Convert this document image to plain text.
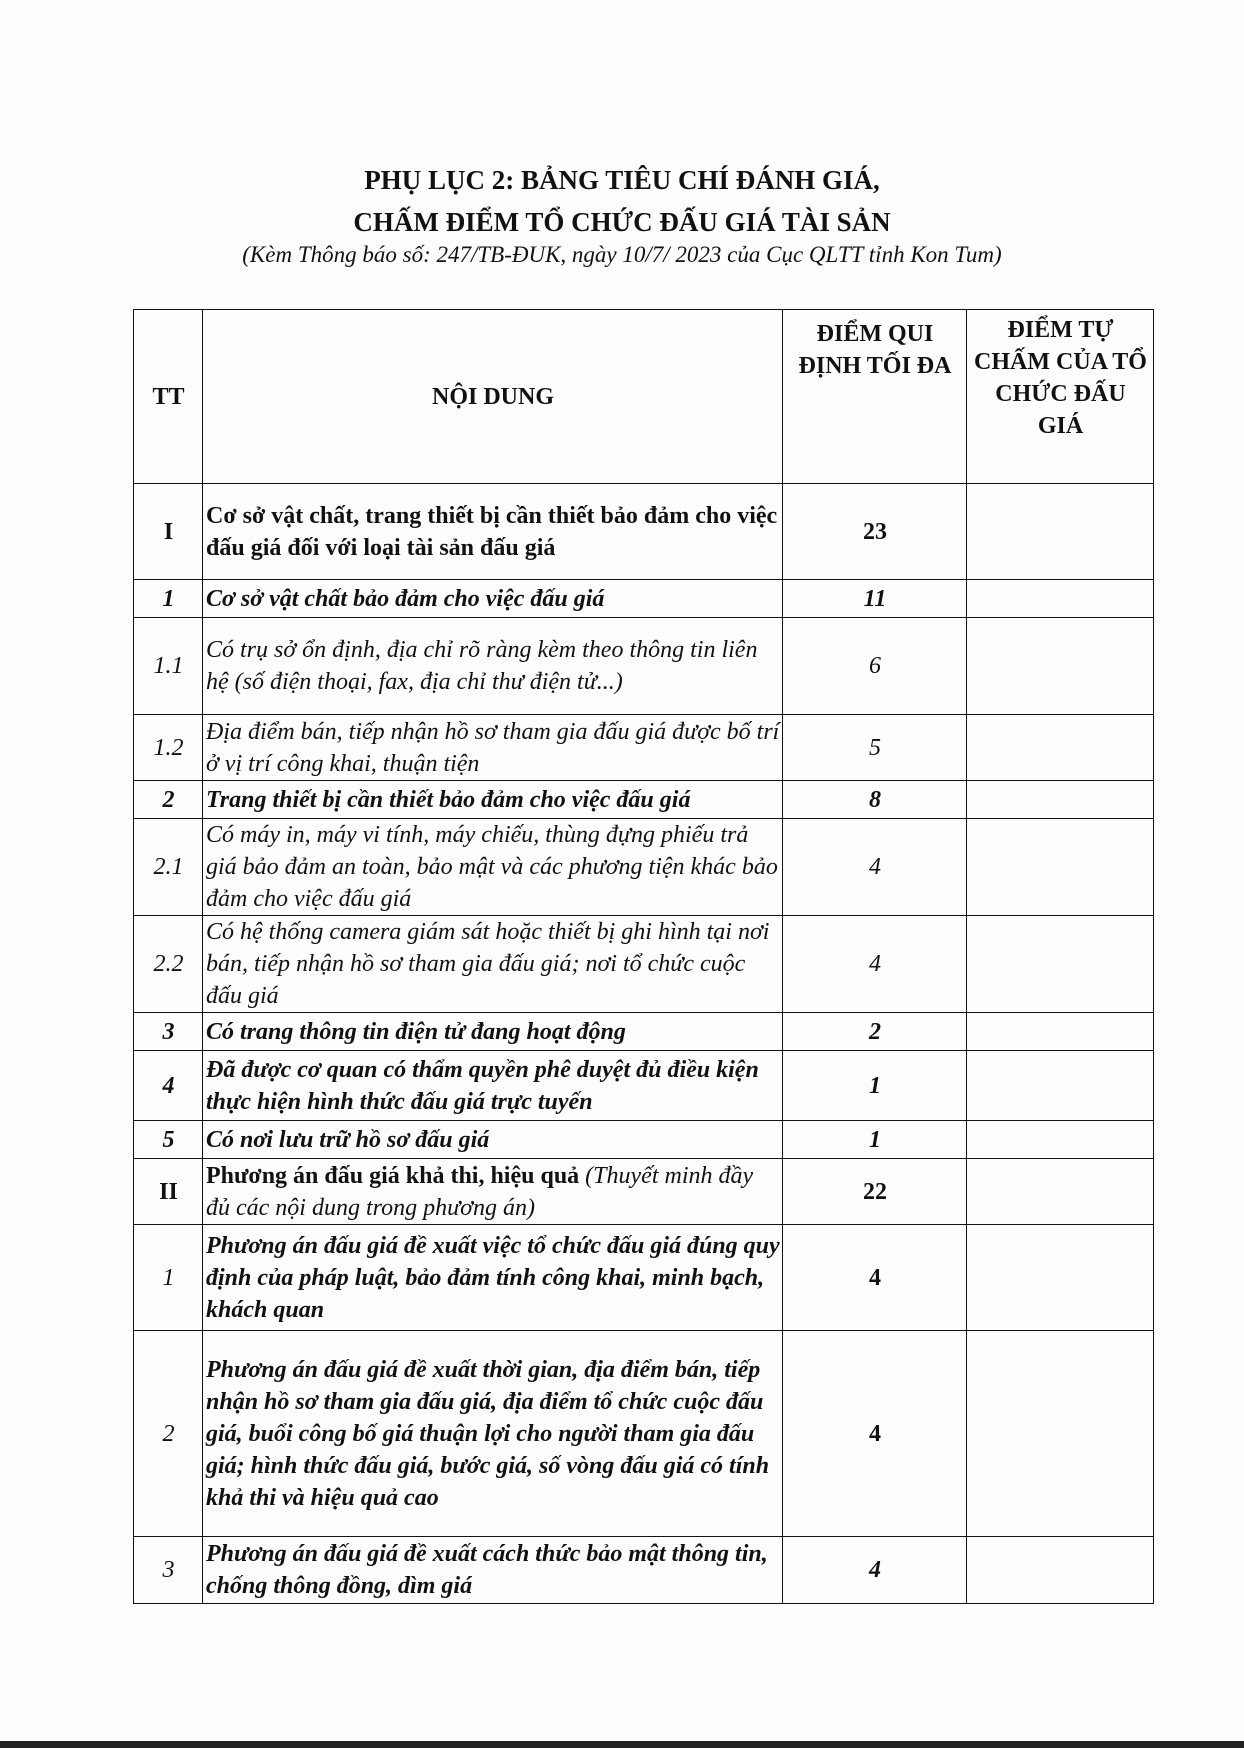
PHỤ LỤC 2: BẢNG TIÊU CHÍ ĐÁNH GIÁ,
CHẤM ĐIỂM TỔ CHỨC ĐẤU GIÁ TÀI SẢN
(Kèm Thông báo số: 247/TB-ĐUK, ngày 10/7/ 2023 của Cục QLTT tỉnh Kon Tum)
TT	NỘI DUNG	ĐIỂM QUI ĐỊNH TỐI ĐA	ĐIỂM TỰ CHẤM CỦA TỔ CHỨC ĐẤU GIÁ
I	Cơ sở vật chất, trang thiết bị cần thiết bảo đảm cho việc đấu giá đối với loại tài sản đấu giá	23	
1	Cơ sở vật chất bảo đảm cho việc đấu giá	11	
1.1	Có trụ sở ổn định, địa chỉ rõ ràng kèm theo thông tin liên hệ (số điện thoại, fax, địa chỉ thư điện tử...)	6	
1.2	Địa điểm bán, tiếp nhận hồ sơ tham gia đấu giá được bố trí ở vị trí công khai, thuận tiện	5	
2	Trang thiết bị cần thiết bảo đảm cho việc đấu giá	8	
2.1	Có máy in, máy vi tính, máy chiếu, thùng đựng phiếu trả giá bảo đảm an toàn, bảo mật và các phương tiện khác bảo đảm cho việc đấu giá	4	
2.2	Có hệ thống camera giám sát hoặc thiết bị ghi hình tại nơi bán, tiếp nhận hồ sơ tham gia đấu giá; nơi tổ chức cuộc đấu giá	4	
3	Có trang thông tin điện tử đang hoạt động	2	
4	Đã được cơ quan có thẩm quyền phê duyệt đủ điều kiện thực hiện hình thức đấu giá trực tuyến	1	
5	Có nơi lưu trữ hồ sơ đấu giá	1	
II	Phương án đấu giá khả thi, hiệu quả (Thuyết minh đầy đủ các nội dung trong phương án)	22	
1	Phương án đấu giá đề xuất việc tổ chức đấu giá đúng quy định của pháp luật, bảo đảm tính công khai, minh bạch, khách quan	4	
2	Phương án đấu giá đề xuất thời gian, địa điểm bán, tiếp nhận hồ sơ tham gia đấu giá, địa điểm tổ chức cuộc đấu giá, buổi công bố giá thuận lợi cho người tham gia đấu giá; hình thức đấu giá, bước giá, số vòng đấu giá có tính khả thi và hiệu quả cao	4	
3	Phương án đấu giá đề xuất cách thức bảo mật thông tin, chống thông đồng, dìm giá	4	
